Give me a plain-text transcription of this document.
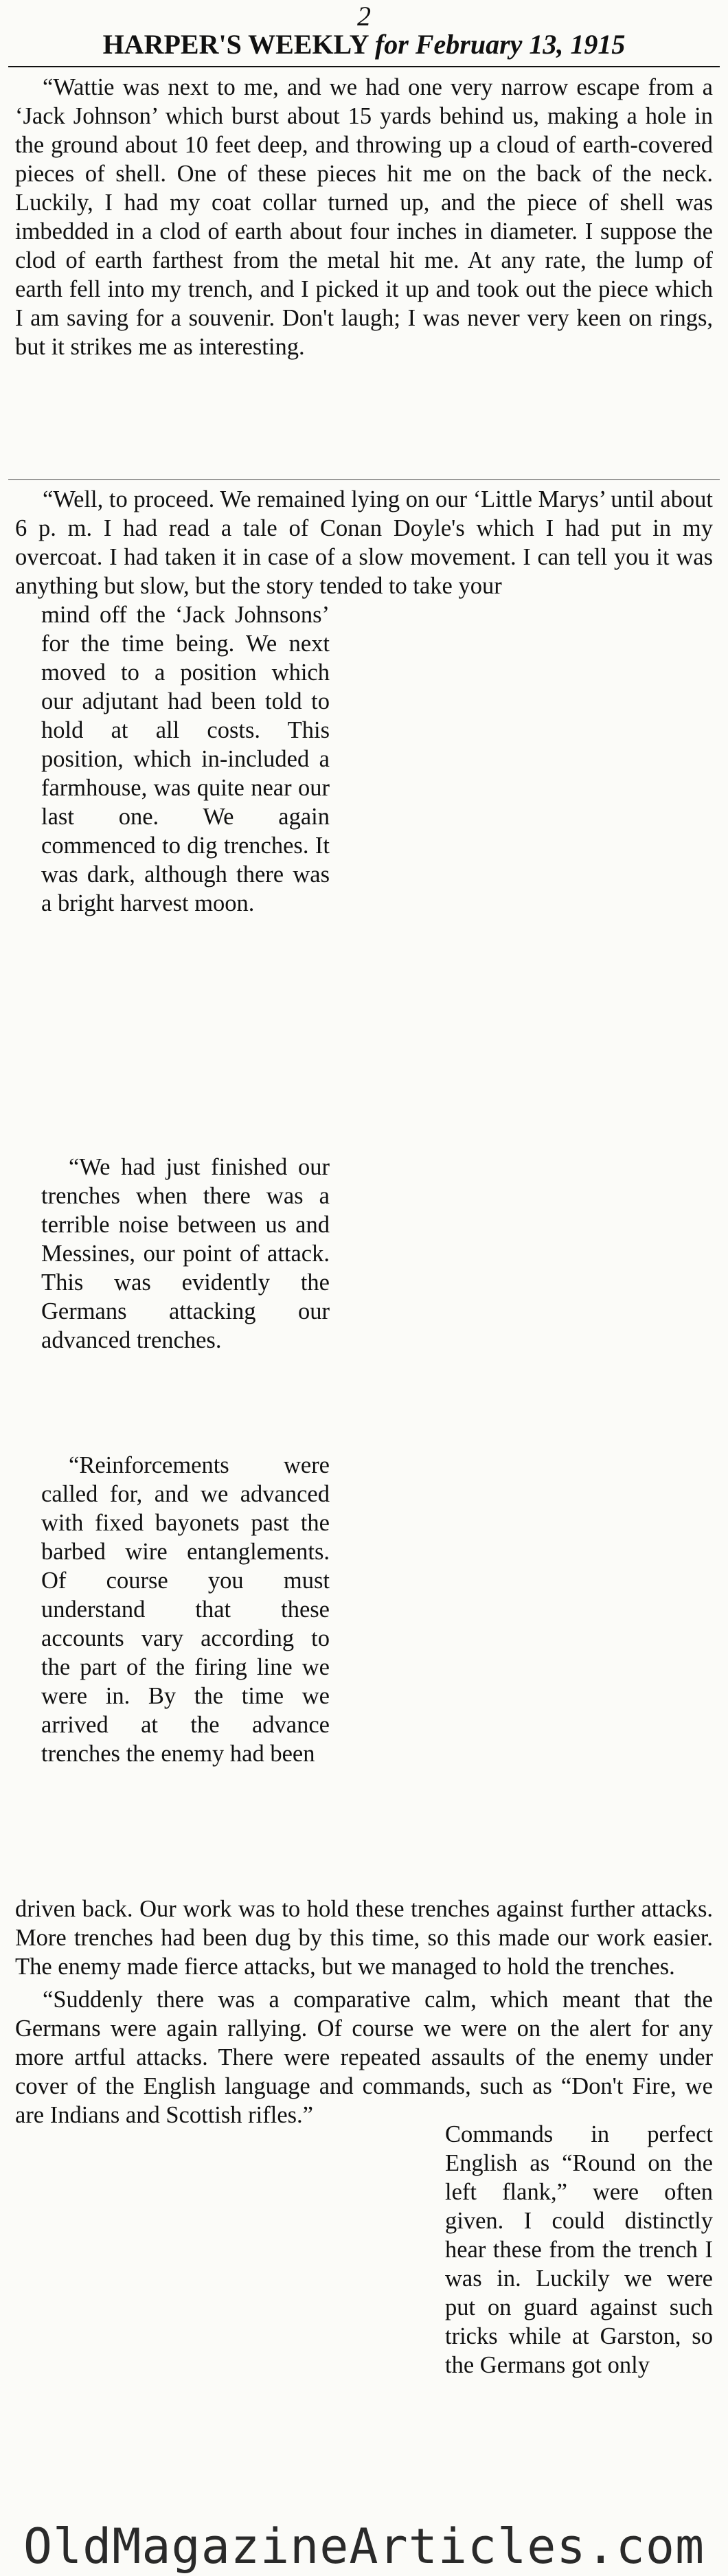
2
HARPER'S WEEKLY for February 13, 1915

“Wattie was next to me, and we had one very narrow escape from a ‘Jack Johnson’ which burst about 15 yards behind us, making a hole in the ground about 10 feet deep, and throwing up a cloud of earth-covered pieces of shell. One of these pieces hit me on the back of the neck. Luckily, I had my coat collar turned up, and the piece of shell was imbedded in a clod of earth about four inches in diameter. I suppose the clod of earth farthest from the metal hit me. At any rate, the lump of earth fell into my trench, and I picked it up and took out the piece which I am saving for a souvenir. Don't laugh; I was never very keen on rings, but it strikes me as interesting.

“Well, to proceed. We remained lying on our ‘Little Marys’ until about 6 p. m. I had read a tale of Conan Doyle's which I had put in my overcoat. I had taken it in case of a slow movement. I can tell you it was anything but slow, but the story tended to take your

mind off the ‘Jack Johnsons’ for the time being. We next moved to a position which our adjutant had been told to hold at all costs. This position, which in-included a farmhouse, was quite near our last one. We again commenced to dig trenches. It was dark, although there was a bright harvest moon.

“We had just finished our trenches when there was a terrible noise between us and Messines, our point of attack. This was evidently the Germans attacking our advanced trenches.

“Reinforcements were called for, and we advanced with fixed bayonets past the barbed wire entanglements. Of course you must understand that these accounts vary according to the part of the firing line we were in. By the time we arrived at the advance trenches the enemy had been

driven back. Our work was to hold these trenches against further attacks. More trenches had been dug by this time, so this made our work easier. The enemy made fierce attacks, but we managed to hold the trenches.

“Suddenly there was a comparative calm, which meant that the Germans were again rallying. Of course we were on the alert for any more artful attacks. There were repeated assaults of the enemy under cover of the English language and commands, such as “Don't Fire, we are Indians and Scottish rifles.”

Commands in perfect English as “Round on the left flank,” were often given. I could distinctly hear these from the trench I was in. Luckily we were put on guard against such tricks while at Garston, so the Germans got only

OldMagazineArticles.com
